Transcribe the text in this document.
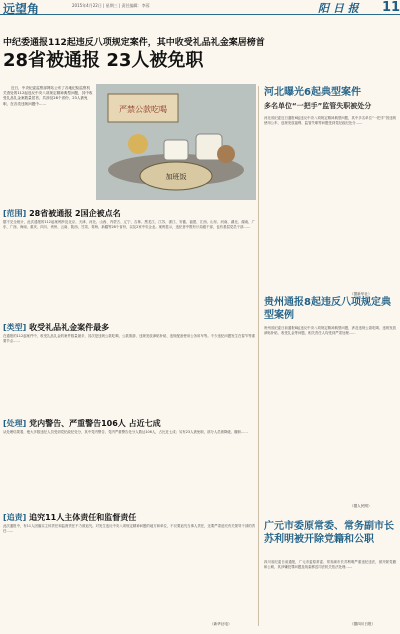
远望角	2015年4月22日 | 星期三 | 责任编辑：李蓉	阳 日 报 11
中纪委通报112起违反八项规定案件，其中收受礼品礼金案居榜首
28省被通报 23人被免职
近日，中央纪委监察部网站公布了各地纪检监察机关查处的112起违反中央八项规定精神典型问题，其中收受礼品礼金案数量居首，共涉及28个省份，23人被免职，在各类违规问题中……
严禁公款吃喝
加班饭
[范围] 28省被通报 2国企被点名
据不完全统计，此次通报的112起案例涉及北京、天津、河北、山西、内蒙古、辽宁、吉林、黑龙江、江苏、浙江、安徽、福建、江西、山东、河南、湖北、湖南、广东、广西、海南、重庆、四川、贵州、云南、陕西、甘肃、青海、新疆等28个省份，以及2家中央企业。案例显示，违纪者中既有厅局级干部，也有基层党员干部……
[类型] 收受礼品礼金案件最多
在通报的112起案件中，收受礼品礼金的案件数量最多，其次是违规公款吃喝、公款旅游、违规发放津贴补贴、违规配备使用公务用车等。不少违纪问题发生在春节等重要节点……
[处理] 党内警告、严重警告106人 占近七成
从处理结果看，绝大多数违纪人员受到党纪政纪处分，其中党内警告、党内严重警告处分人数达106人，占比近七成；另有23人被免职，部分人员被降级、撤职……
[追责] 追究11人主体责任和监督责任
此次通报中，有11人因落实主体责任和监督责任不力被追究。对发生违反中央八项规定精神问题的地方和单位，不仅要追究当事人责任，还要严肃追究有关领导干部的责任……
（新华社电）
河北曝光6起典型案件
多名单位“一把手”监管失职被处分
河北省纪委近日通报6起违反中央八项规定精神典型问题，其中多名单位“一把手”因违规使用公车、违规发放福利、监管失职等问题受到党纪政纪处分……
（据新华社）
贵州通报8起违反八项规定典型案例
贵州省纪委日前通报8起违反中央八项规定精神典型问题，涉及违规公款吃喝、违规发放津贴补贴、收受礼金等问题，相关责任人均受到严肃处理……
（据人民网）
广元市委原常委、常务副市长苏利明被开除党籍和公职
四川省纪委日前通报，广元市委原常委、常务副市长苏利明严重违纪违法，被开除党籍和公职，其涉嫌犯罪问题及线索移送司法机关依法处理……
（据四川日报）
